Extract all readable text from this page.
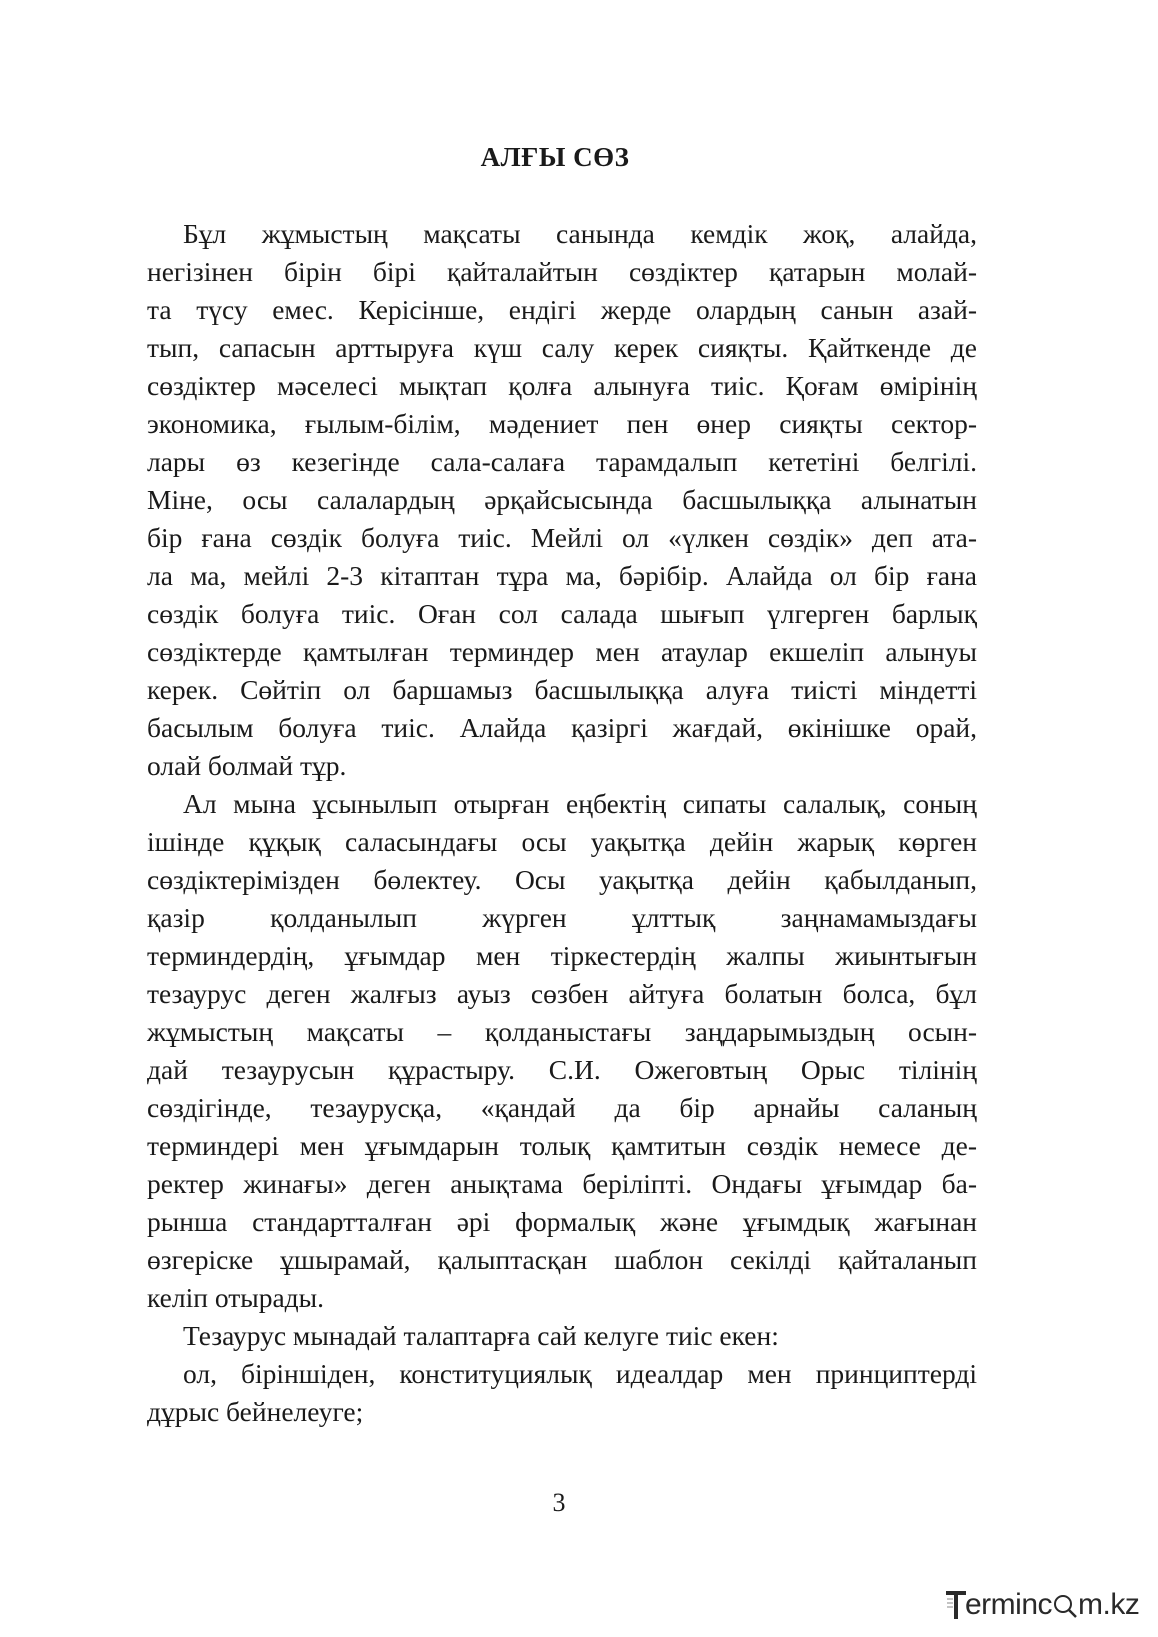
АЛҒЫ СӨЗ
Бұл жұмыстың мақсаты санында кемдік жоқ, алайда,
негізінен бірін бірі қайталайтын сөздіктер қатарын молай-
та түсу емес. Керісінше, ендігі жерде олардың санын азай-
тып, сапасын арттыруға күш салу керек сияқты. Қайткенде де
сөздіктер мәселесі мықтап қолға алынуға тиіс. Қоғам өмірінің
экономика, ғылым-білім, мәдениет пен өнер сияқты сектор-
лары өз кезегінде сала-салаға тарамдалып кететіні белгілі.
Міне, осы салалардың әрқайсысында басшылыққа алынатын
бір ғана сөздік болуға тиіс. Мейлі ол «үлкен сөздік» деп ата-
ла ма, мейлі 2-3 кітаптан тұра ма, бәрібір. Алайда ол бір ғана
сөздік болуға тиіс. Оған сол салада шығып үлгерген барлық
сөздіктерде қамтылған терминдер мен атаулар екшеліп алынуы
керек. Сөйтіп ол баршамыз басшылыққа алуға тиісті міндетті
басылым болуға тиіс. Алайда қазіргі жағдай, өкінішке орай,
олай болмай тұр.
Ал мына ұсынылып отырған еңбектің сипаты салалық, соның
ішінде құқық саласындағы осы уақытқа дейін жарық көрген
сөздіктерімізден бөлектеу. Осы уақытқа дейін қабылданып,
қазір қолданылып жүрген ұлттық заңнамамыздағы
терминдердің, ұғымдар мен тіркестердің жалпы жиынтығын
тезаурус деген жалғыз ауыз сөзбен айтуға болатын болса, бұл
жұмыстың мақсаты – қолданыстағы заңдарымыздың осын-
дай тезаурусын құрастыру. С.И. Ожеговтың Орыс тілінің
сөздігінде, тезаурусқа, «қандай да бір арнайы саланың
терминдері мен ұғымдарын толық қамтитын сөздік немесе де-
ректер жинағы» деген анықтама беріліпті. Ондағы ұғымдар ба-
рынша стандартталған әрі формалық және ұғымдық жағынан
өзгеріске ұшырамай, қалыптасқан шаблон секілді қайталанып
келіп отырады.
Тезаурус мынадай талаптарға сай келуге тиіс екен:
ол, біріншіден, конституциялық идеалдар мен принциптерді
дұрыс бейнелеуге;
3
erminc m.kz
